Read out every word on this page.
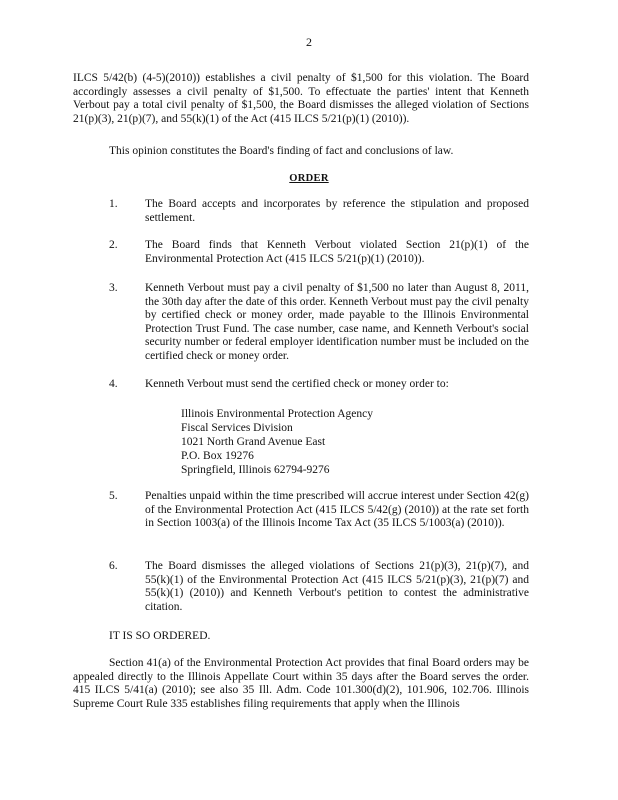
2
ILCS 5/42(b) (4-5)(2010)) establishes a civil penalty of $1,500 for this violation. The Board accordingly assesses a civil penalty of $1,500. To effectuate the parties' intent that Kenneth Verbout pay a total civil penalty of $1,500, the Board dismisses the alleged violation of Sections 21(p)(3), 21(p)(7), and 55(k)(1) of the Act (415 ILCS 5/21(p)(1) (2010)).
This opinion constitutes the Board's finding of fact and conclusions of law.
ORDER
1.	The Board accepts and incorporates by reference the stipulation and proposed settlement.
2.	The Board finds that Kenneth Verbout violated Section 21(p)(1) of the Environmental Protection Act (415 ILCS 5/21(p)(1) (2010)).
3.	Kenneth Verbout must pay a civil penalty of $1,500 no later than August 8, 2011, the 30th day after the date of this order. Kenneth Verbout must pay the civil penalty by certified check or money order, made payable to the Illinois Environmental Protection Trust Fund. The case number, case name, and Kenneth Verbout's social security number or federal employer identification number must be included on the certified check or money order.
4.	Kenneth Verbout must send the certified check or money order to:
Illinois Environmental Protection Agency
Fiscal Services Division
1021 North Grand Avenue East
P.O. Box 19276
Springfield, Illinois 62794-9276
5.	Penalties unpaid within the time prescribed will accrue interest under Section 42(g) of the Environmental Protection Act (415 ILCS 5/42(g) (2010)) at the rate set forth in Section 1003(a) of the Illinois Income Tax Act (35 ILCS 5/1003(a) (2010)).
6.	The Board dismisses the alleged violations of Sections 21(p)(3), 21(p)(7), and 55(k)(1) of the Environmental Protection Act (415 ILCS 5/21(p)(3), 21(p)(7) and 55(k)(1) (2010)) and Kenneth Verbout's petition to contest the administrative citation.
IT IS SO ORDERED.
Section 41(a) of the Environmental Protection Act provides that final Board orders may be appealed directly to the Illinois Appellate Court within 35 days after the Board serves the order. 415 ILCS 5/41(a) (2010); see also 35 Ill. Adm. Code 101.300(d)(2), 101.906, 102.706. Illinois Supreme Court Rule 335 establishes filing requirements that apply when the Illinois
